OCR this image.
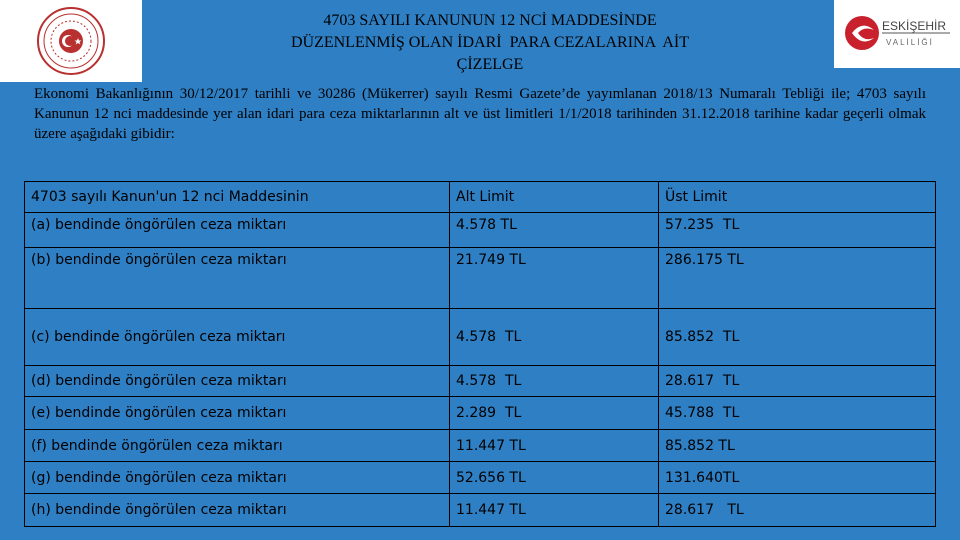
ESKİŞEHİR
VALİLİĞİ
4703 SAYILI KANUNUN 12 NCİ MADDESİNDE
DÜZENLENMİŞ OLAN İDARİ  PARA CEZALARINA  AİT
ÇİZELGE
Ekonomi Bakanlığının 30/12/2017 tarihli ve 30286 (Mükerrer) sayılı Resmi Gazete’de yayımlanan 2018/13 Numaralı Tebliği ile; 4703 sayılı Kanunun 12 nci maddesinde yer alan idari para ceza miktarlarının alt ve üst limitleri 1/1/2018 tarihinden 31.12.2018 tarihine kadar geçerli olmak üzere aşağıdaki gibidir:
4703 sayılı Kanun'un 12 nci Maddesinin	Alt Limit	Üst Limit
(a) bendinde öngörülen ceza miktarı	4.578 TL	57.235  TL
(b) bendinde öngörülen ceza miktarı	21.749 TL	286.175 TL
(c) bendinde öngörülen ceza miktarı	4.578  TL	85.852  TL
(d) bendinde öngörülen ceza miktarı	4.578  TL	28.617  TL
(e) bendinde öngörülen ceza miktarı	2.289  TL	45.788  TL
(f) bendinde öngörülen ceza miktarı	11.447 TL	85.852 TL
(g) bendinde öngörülen ceza miktarı	52.656 TL	131.640TL
(h) bendinde öngörülen ceza miktarı	11.447 TL	28.617   TL
